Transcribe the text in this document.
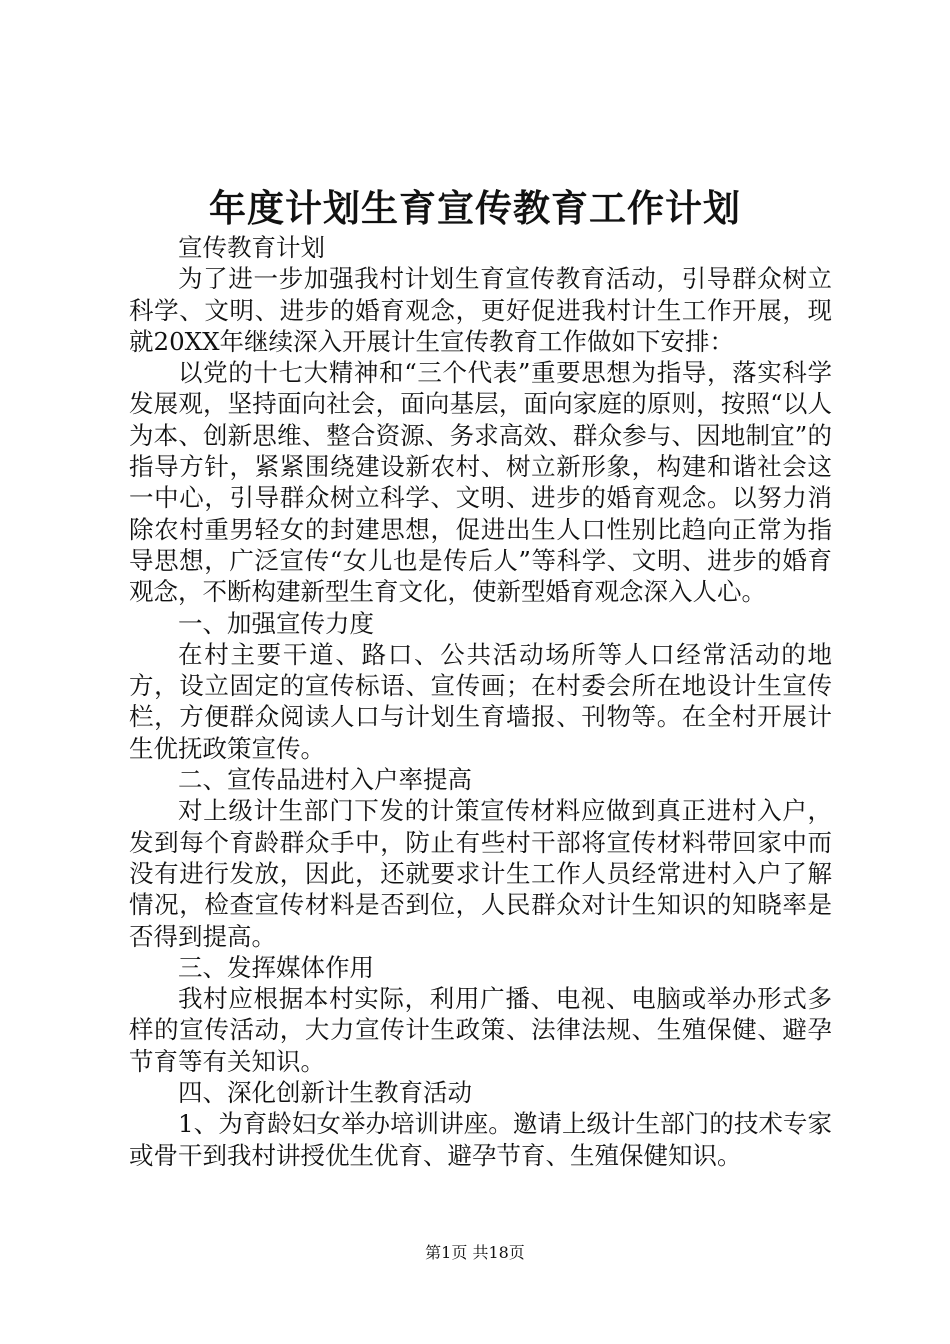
年度计划生育宣传教育工作计划

宣传教育计划

为了进一步加强我村计划生育宣传教育活动，引导群众树立科学、文明、进步的婚育观念，更好促进我村计生工作开展，现就20XX年继续深入开展计生宣传教育工作做如下安排：

以党的十七大精神和“三个代表”重要思想为指导，落实科学发展观，坚持面向社会，面向基层，面向家庭的原则，按照“以人为本、创新思维、整合资源、务求高效、群众参与、因地制宜”的指导方针，紧紧围绕建设新农村、树立新形象，构建和谐社会这一中心，引导群众树立科学、文明、进步的婚育观念。以努力消除农村重男轻女的封建思想，促进出生人口性别比趋向正常为指导思想，广泛宣传“女儿也是传后人”等科学、文明、进步的婚育观念，不断构建新型生育文化，使新型婚育观念深入人心。

一、加强宣传力度

在村主要干道、路口、公共活动场所等人口经常活动的地方，设立固定的宣传标语、宣传画；在村委会所在地设计生宣传栏，方便群众阅读人口与计划生育墙报、刊物等。在全村开展计生优抚政策宣传。

二、宣传品进村入户率提高

对上级计生部门下发的计策宣传材料应做到真正进村入户，发到每个育龄群众手中，防止有些村干部将宣传材料带回家中而没有进行发放，因此，还就要求计生工作人员经常进村入户了解情况，检查宣传材料是否到位，人民群众对计生知识的知晓率是否得到提高。

三、发挥媒体作用

我村应根据本村实际，利用广播、电视、电脑或举办形式多样的宣传活动，大力宣传计生政策、法律法规、生殖保健、避孕节育等有关知识。

四、深化创新计生教育活动

1、为育龄妇女举办培训讲座。邀请上级计生部门的技术专家或骨干到我村讲授优生优育、避孕节育、生殖保健知识。

第1页 共18页
